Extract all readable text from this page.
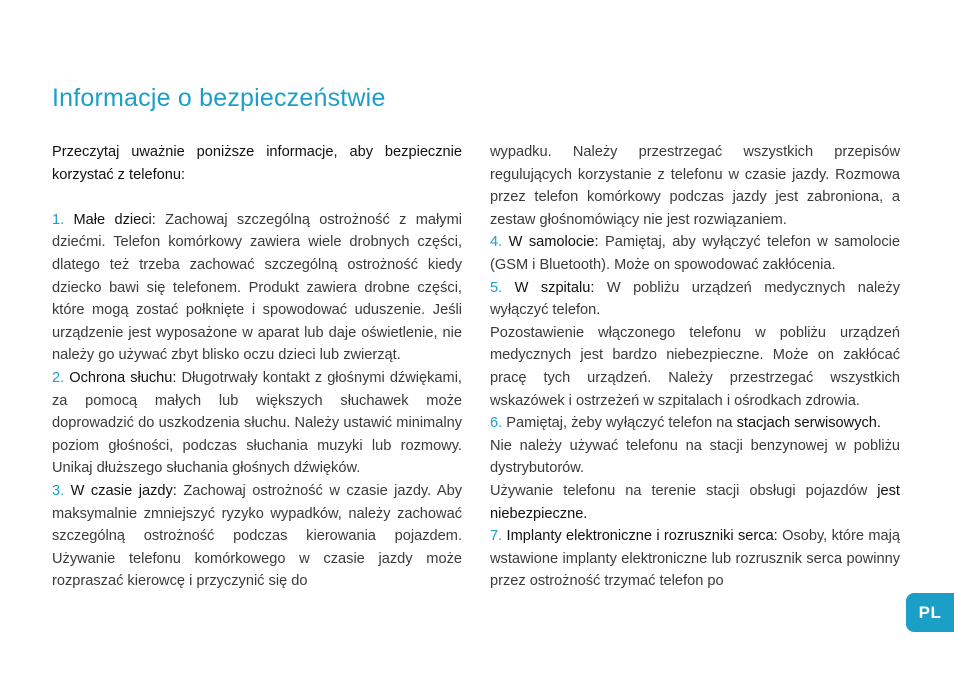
Informacje o bezpieczeństwie

Przeczytaj uważnie poniższe informacje, aby bezpiecznie korzystać z telefonu:

1. Małe dzieci: Zachowaj szczególną ostrożność z małymi dziećmi. Telefon komórkowy zawiera wiele drobnych części, dlatego też trzeba zachować szczególną ostrożność kiedy dziecko bawi się telefonem. Produkt zawiera drobne części, które mogą zostać połknięte i spowodować uduszenie. Jeśli urządzenie jest wyposażone w aparat lub daje oświetlenie, nie należy go używać zbyt blisko oczu dzieci lub zwierząt.

2. Ochrona słuchu: Długotrwały kontakt z głośnymi dźwiękami, za pomocą małych lub większych słuchawek może doprowadzić do uszkodzenia słuchu. Należy ustawić minimalny poziom głośności, podczas słuchania muzyki lub rozmowy. Unikaj dłuższego słuchania głośnych dźwięków.

3. W czasie jazdy: Zachowaj ostrożność w czasie jazdy. Aby maksymalnie zmniejszyć ryzyko wypadków, należy zachować szczególną ostrożność podczas kierowania pojazdem. Używanie telefonu komórkowego w czasie jazdy może rozpraszać kierowcę i przyczynić się do

wypadku. Należy przestrzegać wszystkich przepisów regulujących korzystanie z telefonu w czasie jazdy. Rozmowa przez telefon komórkowy podczas jazdy jest zabroniona, a zestaw głośnomówiący nie jest rozwiązaniem.

4. W samolocie: Pamiętaj, aby wyłączyć telefon w samolocie (GSM i Bluetooth). Może on spowodować zakłócenia.

5. W szpitalu: W pobliżu urządzeń medycznych należy wyłączyć telefon.

Pozostawienie włączonego telefonu w pobliżu urządzeń medycznych jest bardzo niebezpieczne. Może on zakłócać pracę tych urządzeń. Należy przestrzegać wszystkich wskazówek i ostrzeżeń w szpitalach i ośrodkach zdrowia.

6. Pamiętaj, żeby wyłączyć telefon na stacjach serwisowych.

Nie należy używać telefonu na stacji benzynowej w pobliżu dystrybutorów.

Używanie telefonu na terenie stacji obsługi pojazdów jest niebezpieczne.

7. Implanty elektroniczne i rozruszniki serca: Osoby, które mają wstawione implanty elektroniczne lub rozrusznik serca powinny przez ostrożność trzymać telefon po

PL
